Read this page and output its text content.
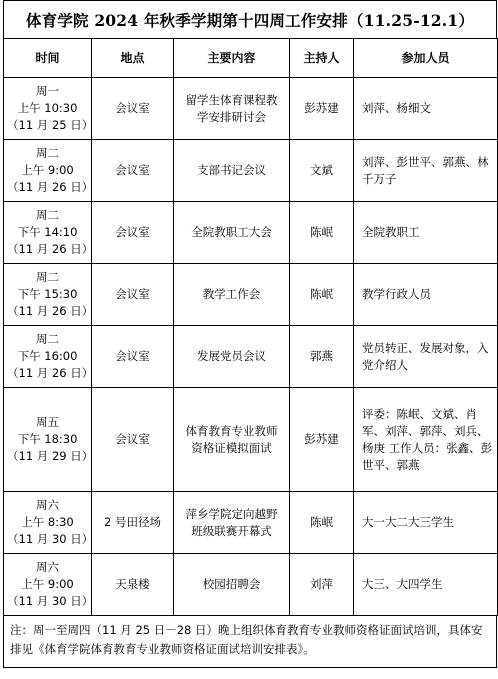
体育学院 2024 年秋季学期第十四周工作安排（11.25-12.1）
时间	地点	主要内容	主持人	参加人员

周一
上午 10:30
（11 月 25 日）	会议室	留学生体育课程教学安排研讨会	彭苏建	刘萍、杨细文

周二
上午 9:00
（11 月 26 日）	会议室	支部书记会议	文斌	刘萍、彭世平、郭燕、林千万子

周二
下午 14:10
（11 月 26 日）	会议室	全院教职工大会	陈岷	全院教职工

周二
下午 15:30
（11 月 26 日）	会议室	教学工作会	陈岷	教学行政人员

周二
下午 16:00
（11 月 26 日）	会议室	发展党员会议	郭燕	党员转正、发展对象，入党介绍人

周五
下午 18:30
（11 月 29 日）	会议室	体育教育专业教师资格证模拟面试	彭苏建	评委：陈岷、文斌、肖军、刘萍、郭萍、刘兵、杨庚 工作人员：张鑫、彭世平、郭燕

周六
上午 8:30
（11 月 30 日）	2 号田径场	萍乡学院定向越野班级联赛开幕式	陈岷	大一大二大三学生

周六
上午 9:00
（11 月 30 日）	天泉楼	校园招聘会	刘萍	大三、大四学生
注：周一至周四（11 月 25 日－28 日）晚上组织体育教育专业教师资格证面试培训，具体安排见《体育学院体育教育专业教师资格证面试培训安排表》。
